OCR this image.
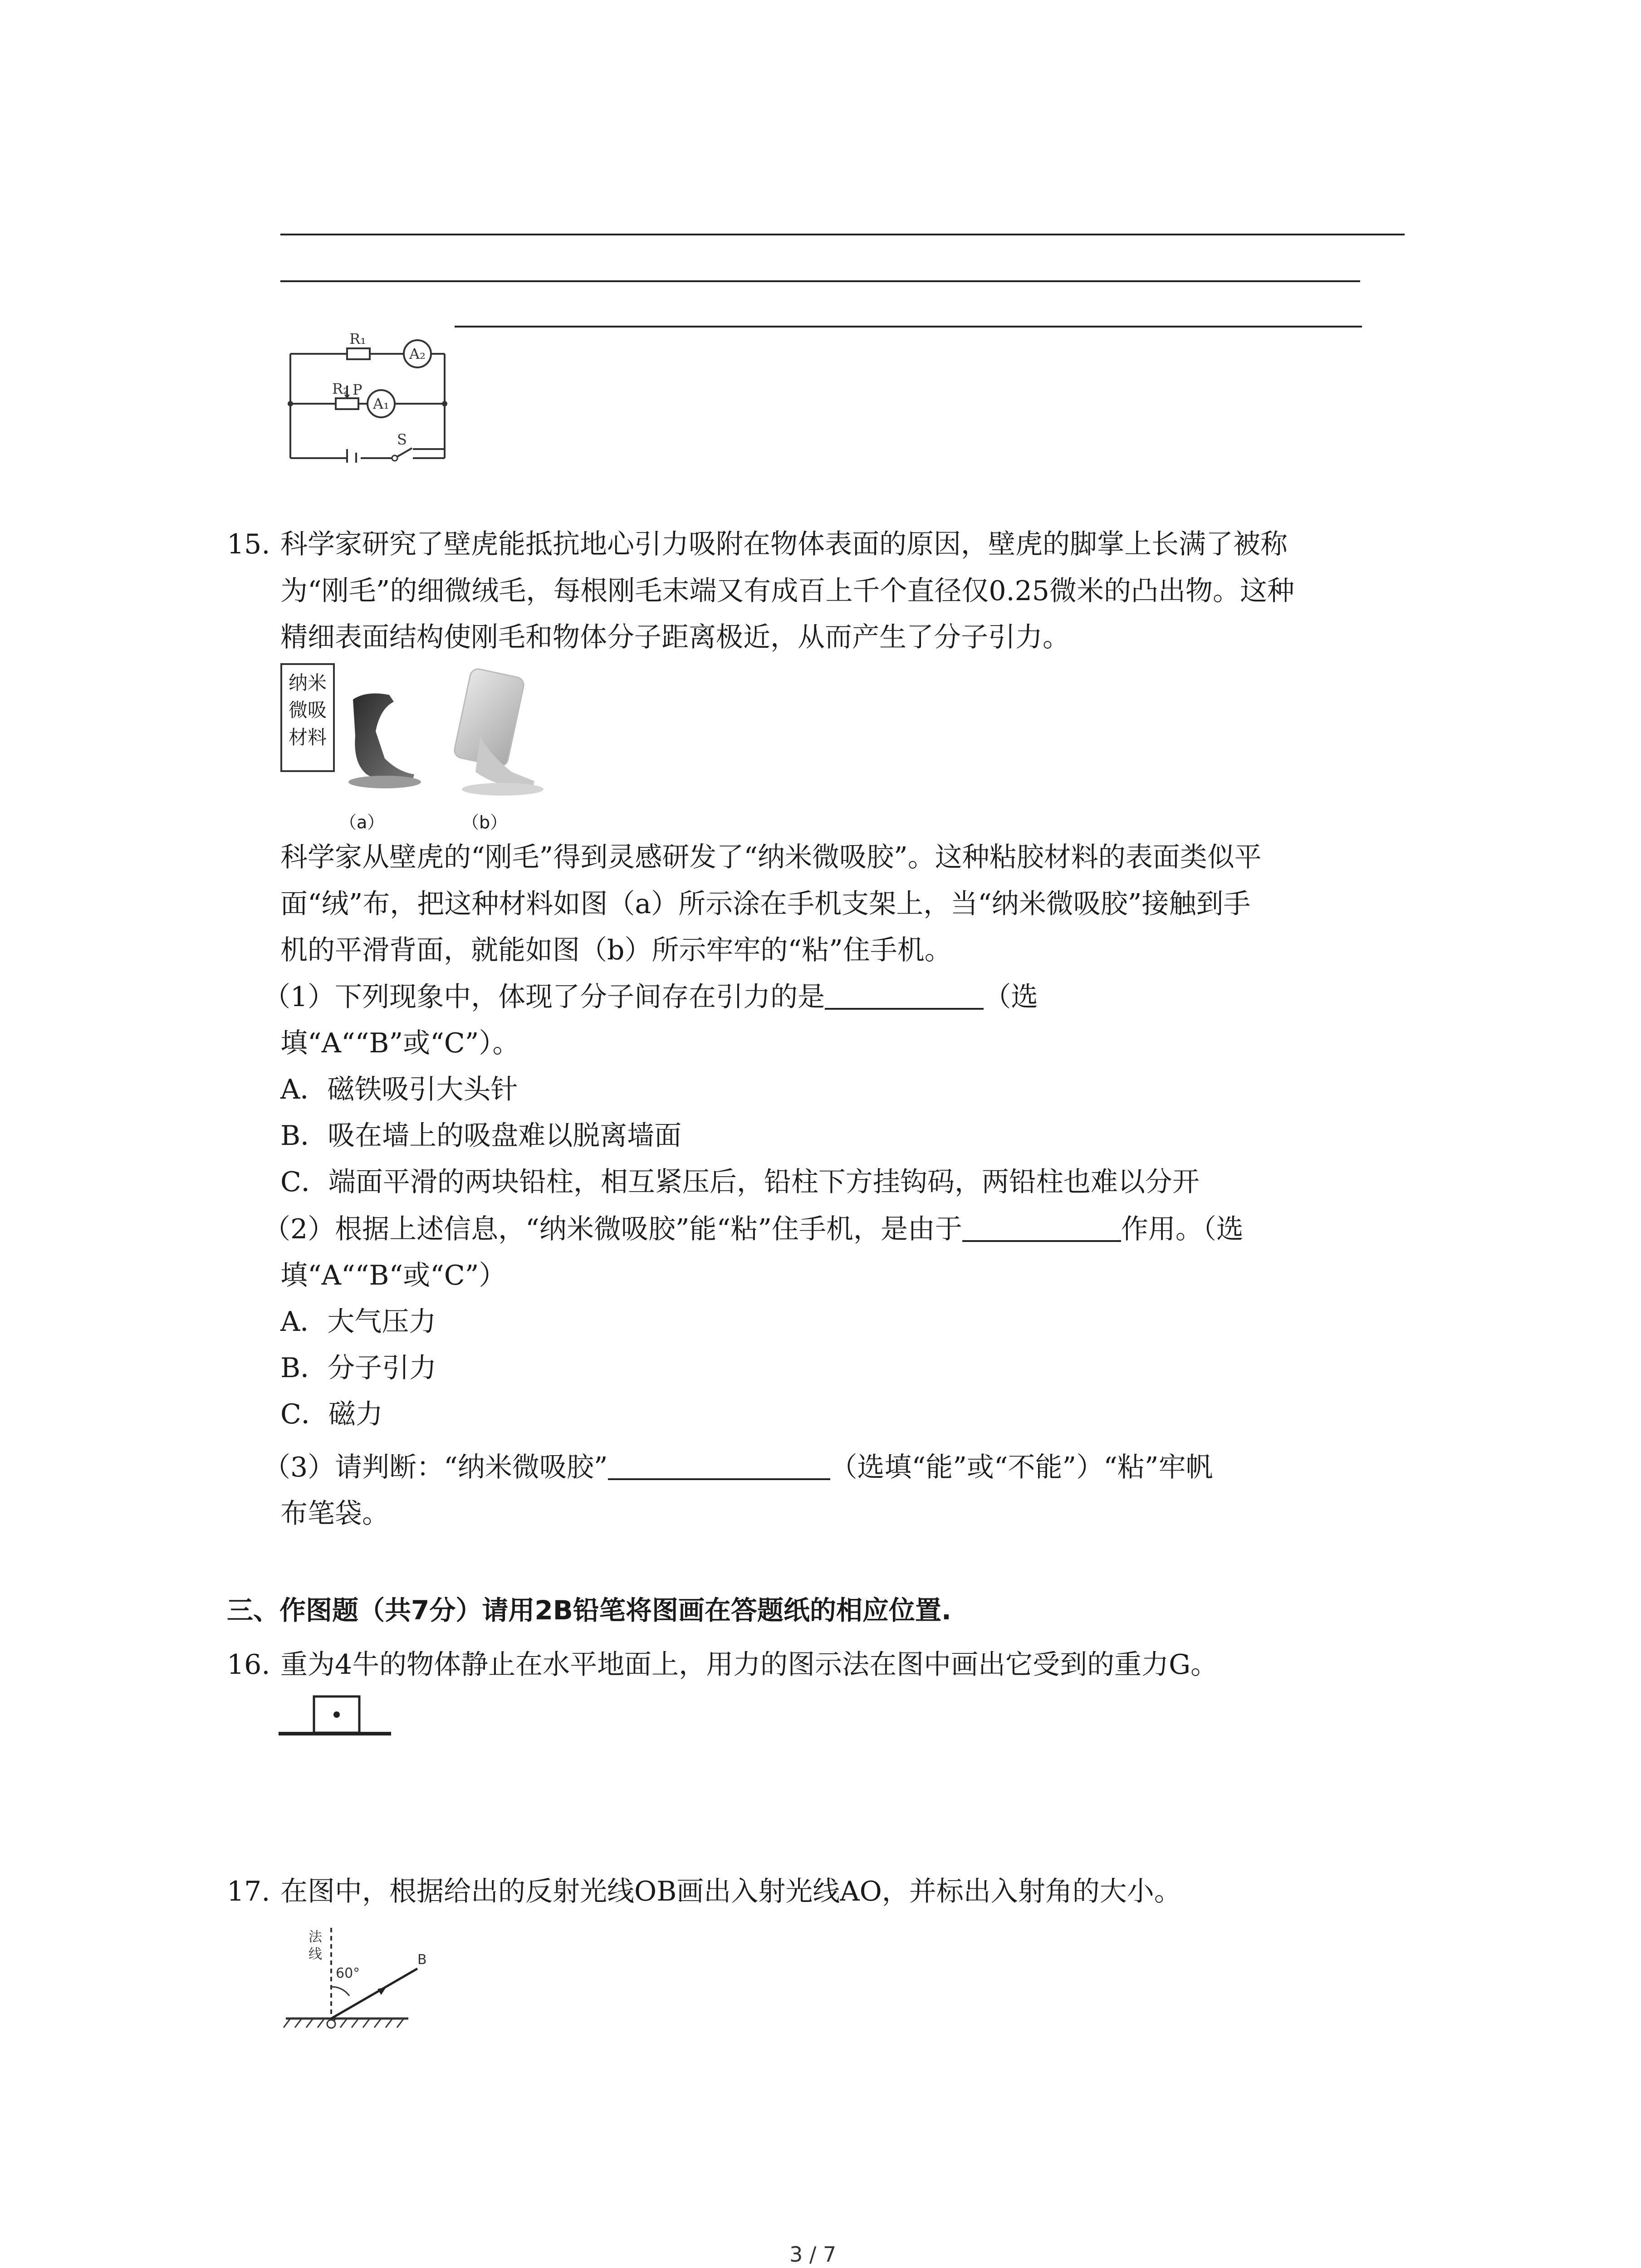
R₁
R₂ P
A₂
A₁
S
15. 科学家研究了壁虎能抵抗地心引力吸附在物体表面的原因，壁虎的脚掌上长满了被称
为“刚毛”的细微绒毛，每根刚毛末端又有成百上千个直径仅0.25微米的凸出物。这种
精细表面结构使刚毛和物体分子距离极近，从而产生了分子引力。
纳米
微吸
材料
（a）	（b）
科学家从壁虎的“刚毛”得到灵感研发了“纳米微吸胶”。这种粘胶材料的表面类似平
面“绒”布，把这种材料如图（a）所示涂在手机支架上，当“纳米微吸胶”接触到手
机的平滑背面，就能如图（b）所示牢牢的“粘”住手机。
（1）下列现象中，体现了分子间存在引力的是	（选
填“A““B”或“C”）。
A．磁铁吸引大头针
B．吸在墙上的吸盘难以脱离墙面
C．端面平滑的两块铅柱，相互紧压后，铅柱下方挂钩码，两铅柱也难以分开
（2）根据上述信息，“纳米微吸胶”能“粘”住手机，是由于	作用。（选
填“A““B“或“C”）
A．大气压力
B．分子引力
C．磁力
（3）请判断：“纳米微吸胶”	（选填“能”或“不能”）“粘”牢帆
布笔袋。
三、作图题（共7分）请用2B铅笔将图画在答题纸的相应位置.
16. 重为4牛的物体静止在水平地面上，用力的图示法在图中画出它受到的重力G。
17. 在图中，根据给出的反射光线OB画出入射光线AO，并标出入射角的大小。
法
线
60°
B
3 / 7
